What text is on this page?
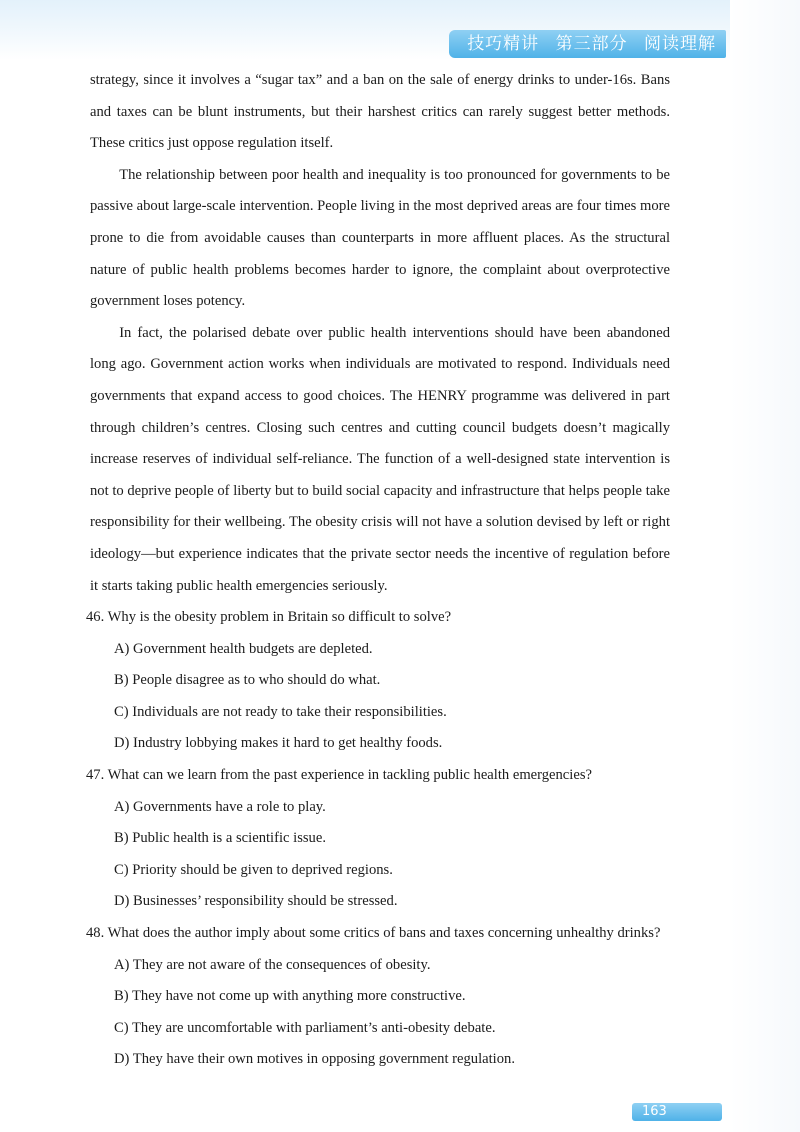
技巧精讲 第三部分 阅读理解

strategy, since it involves a “sugar tax” and a ban on the sale of energy drinks to under-16s. Bans and taxes can be blunt instruments, but their harshest critics can rarely suggest better methods. These critics just oppose regulation itself.

The relationship between poor health and inequality is too pronounced for governments to be passive about large-scale intervention. People living in the most deprived areas are four times more prone to die from avoidable causes than counterparts in more affluent places. As the structural nature of public health problems becomes harder to ignore, the complaint about overprotective government loses potency.

In fact, the polarised debate over public health interventions should have been abandoned long ago. Government action works when individuals are motivated to respond. Individuals need governments that expand access to good choices. The HENRY programme was delivered in part through children’s centres. Closing such centres and cutting council budgets doesn’t magically increase reserves of individual self-reliance. The function of a well-designed state intervention is not to deprive people of liberty but to build social capacity and infrastructure that helps people take responsibility for their wellbeing. The obesity crisis will not have a solution devised by left or right ideology—but experience indicates that the private sector needs the incentive of regulation before it starts taking public health emergencies seriously.

46. Why is the obesity problem in Britain so difficult to solve?
A) Government health budgets are depleted.
B) People disagree as to who should do what.
C) Individuals are not ready to take their responsibilities.
D) Industry lobbying makes it hard to get healthy foods.
47. What can we learn from the past experience in tackling public health emergencies?
A) Governments have a role to play.
B) Public health is a scientific issue.
C) Priority should be given to deprived regions.
D) Businesses’ responsibility should be stressed.
48. What does the author imply about some critics of bans and taxes concerning unhealthy drinks?
A) They are not aware of the consequences of obesity.
B) They have not come up with anything more constructive.
C) They are uncomfortable with parliament’s anti-obesity debate.
D) They have their own motives in opposing government regulation.
163
